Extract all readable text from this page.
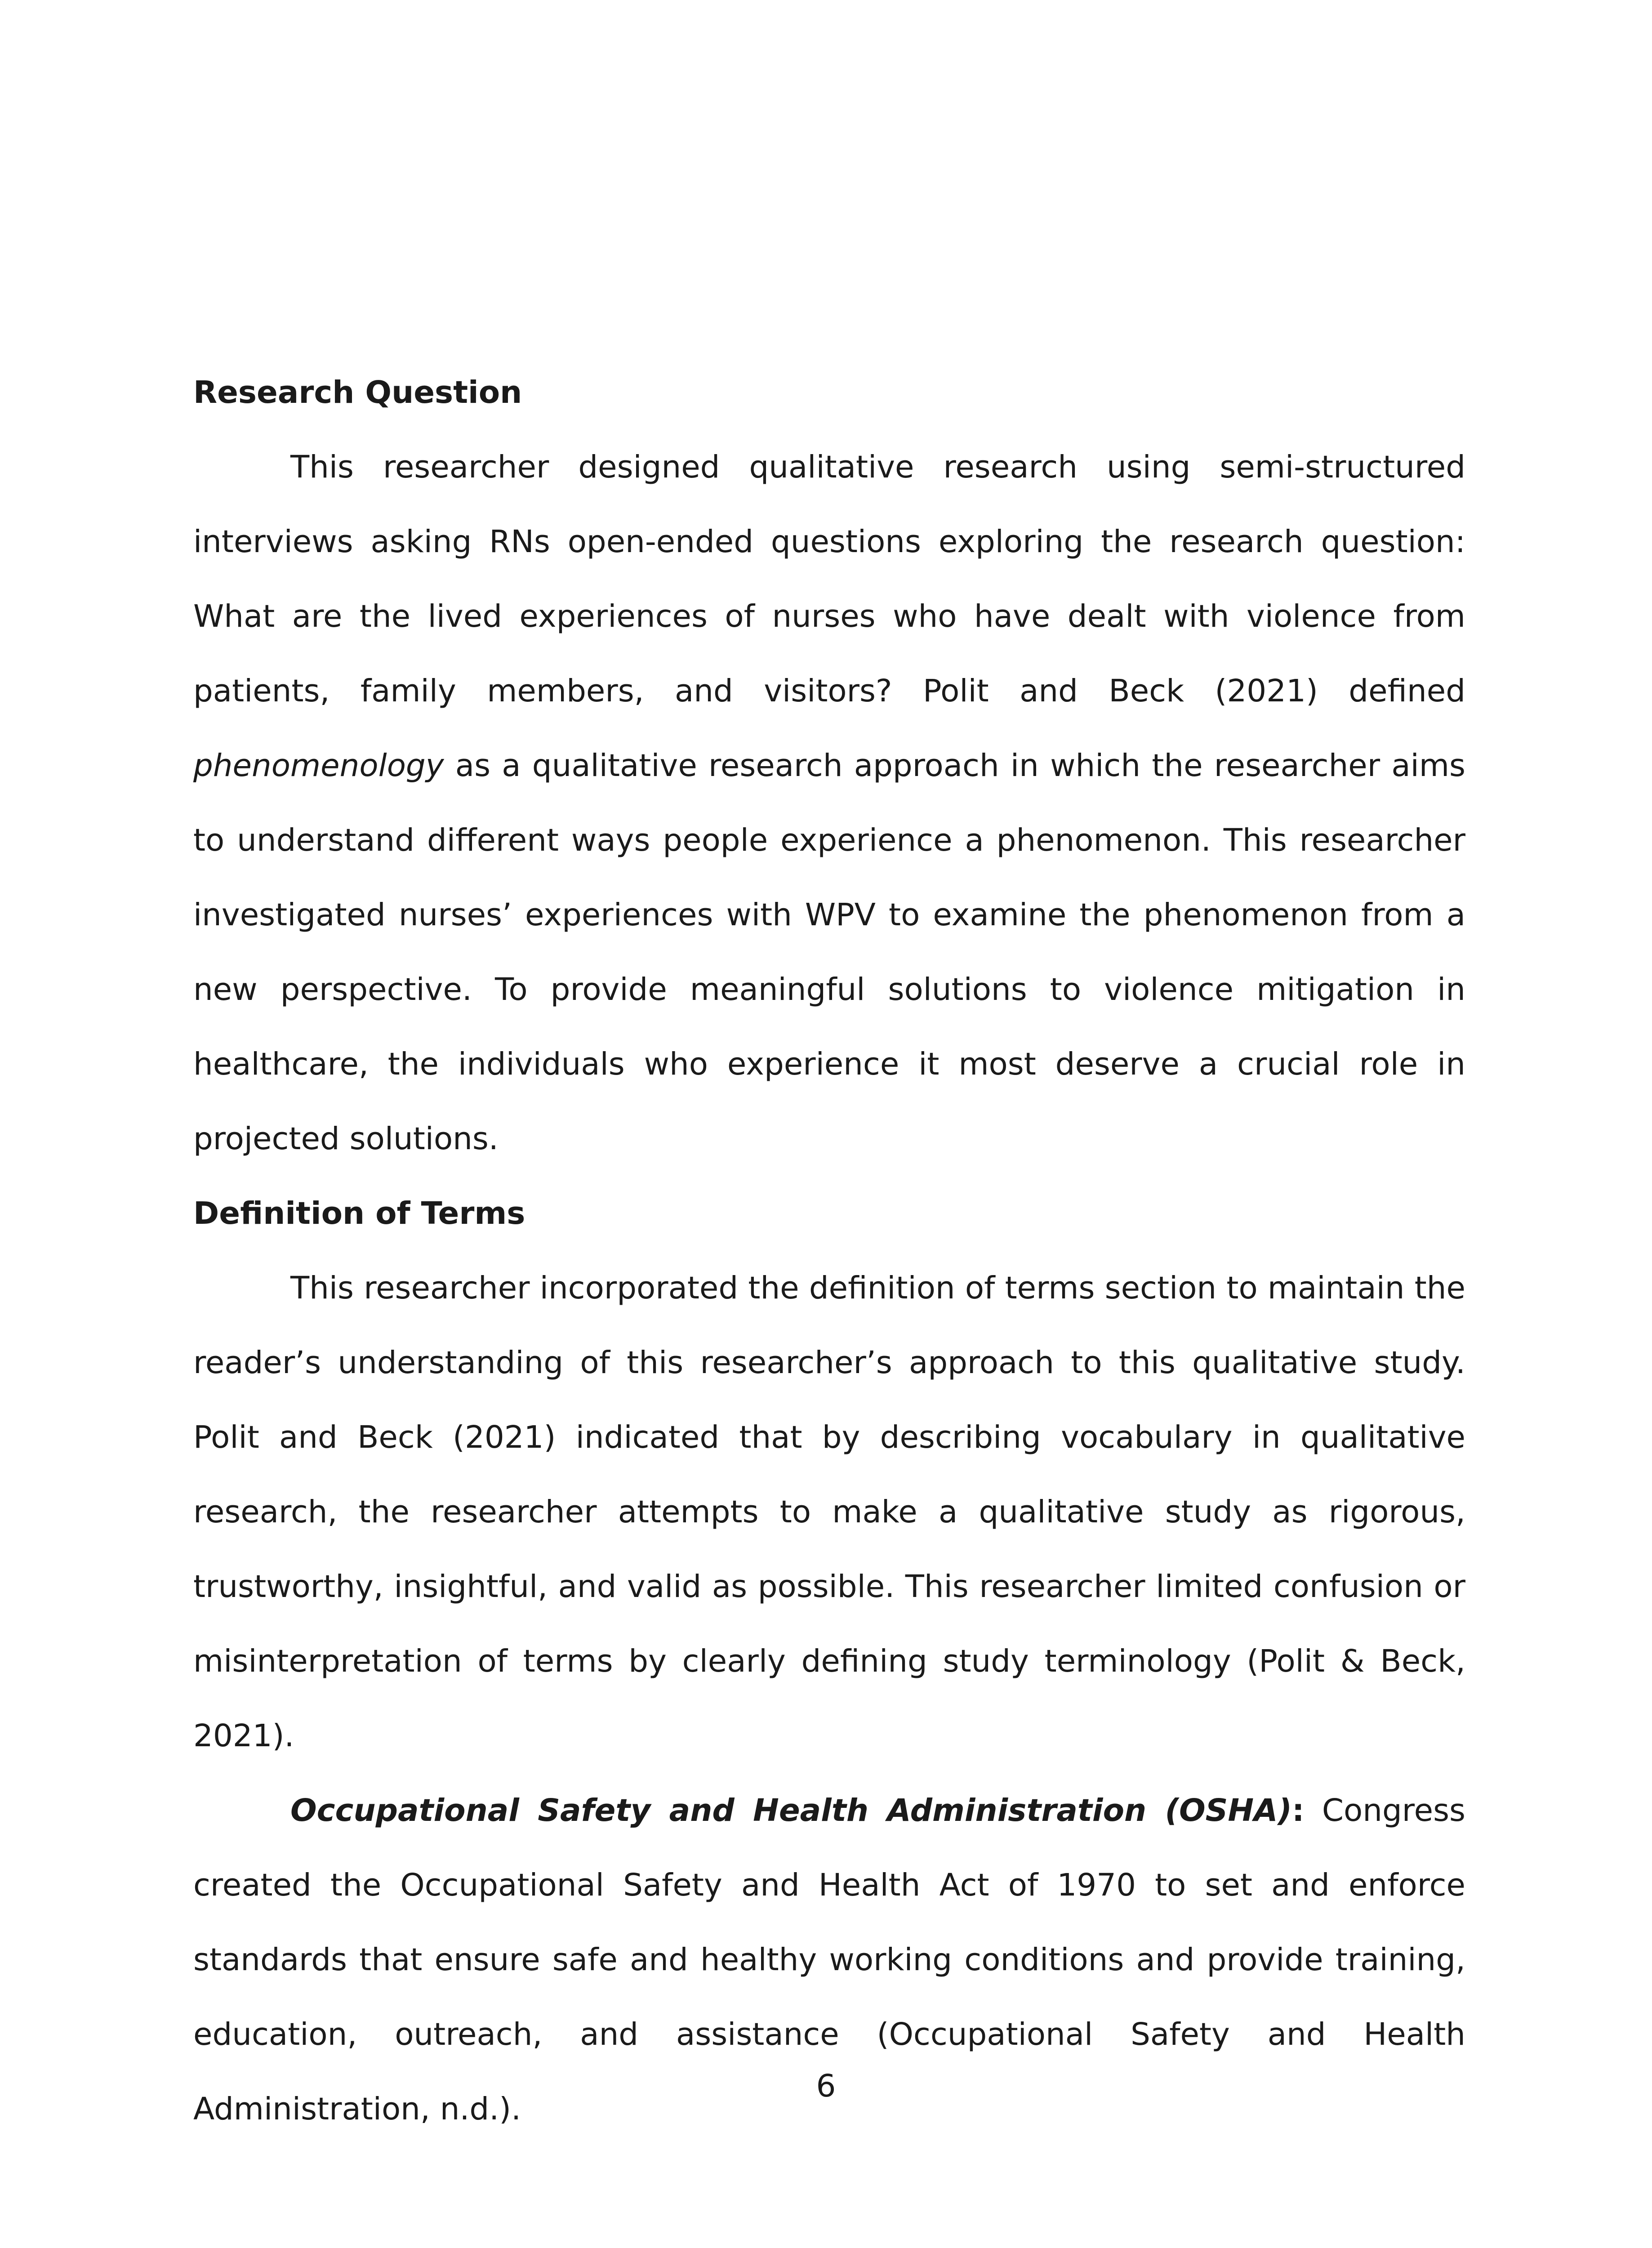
Research Question

This researcher designed qualitative research using semi-structured interviews asking RNs open-ended questions exploring the research question: What are the lived experiences of nurses who have dealt with violence from patients, family members, and visitors? Polit and Beck (2021) defined phenomenology as a qualitative research approach in which the researcher aims to understand different ways people experience a phenomenon. This researcher investigated nurses’ experiences with WPV to examine the phenomenon from a new perspective. To provide meaningful solutions to violence mitigation in healthcare, the individuals who experience it most deserve a crucial role in projected solutions.

Definition of Terms

This researcher incorporated the definition of terms section to maintain the reader’s understanding of this researcher’s approach to this qualitative study. Polit and Beck (2021) indicated that by describing vocabulary in qualitative research, the researcher attempts to make a qualitative study as rigorous, trustworthy, insightful, and valid as possible. This researcher limited confusion or misinterpretation of terms by clearly defining study terminology (Polit & Beck, 2021).

Occupational Safety and Health Administration (OSHA): Congress created the Occupational Safety and Health Act of 1970 to set and enforce standards that ensure safe and healthy working conditions and provide training, education, outreach, and assistance (Occupational Safety and Health Administration, n.d.).

6
